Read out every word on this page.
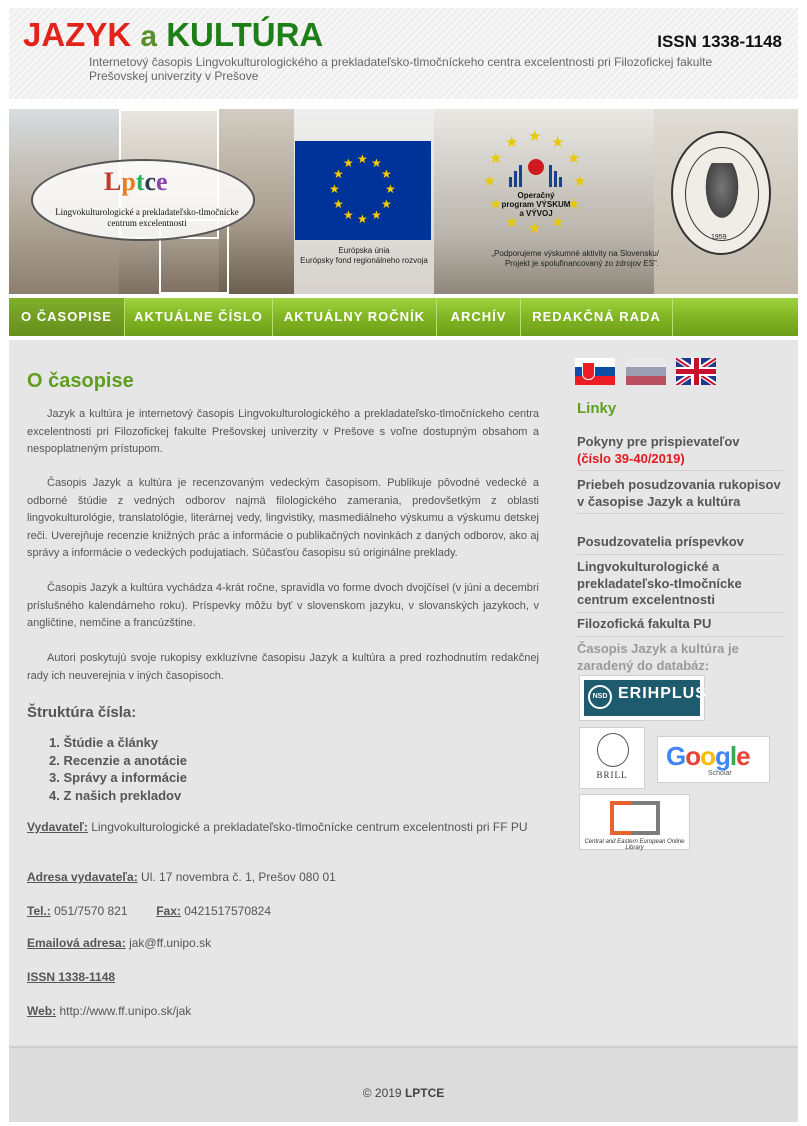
JAZYK a KULTÚRA	ISSN 1338-1148
Internetový časopis Lingvokulturologického a prekladateľsko-tlmočníckeho centra excelentnosti pri Filozofickej fakulte Prešovskej univerzity v Prešove
Lptce
Lingvokulturologické a prekladateľsko-tlmočnícke centrum excelentnosti
★ ★
★
★
★
★
★
★
★
★
★
★
Európska únia
Európsky fond regionálneho rozvoja
★ ★
★
★
★
★
★
★
★
★
★
★
Operačný program VÝSKUM a VÝVOJ
„Podporujeme výskumné aktivity na Slovensku/
Projekt je spolufinancovaný zo zdrojov ES".
1959
O ČASOPISE	AKTUÁLNE ČÍSLO	AKTUÁLNY ROČNÍK	ARCHÍV	REDAKČNÁ RADA
O časopise
Jazyk a kultúra je internetový časopis Lingvokulturologického a prekladateľsko-tlmočníckeho centra excelentnosti pri Filozofickej fakulte Prešovskej univerzity v Prešove s voľne dostupným obsahom a nespoplatneným prístupom.
Časopis Jazyk a kultúra je recenzovaným vedeckým časopisom. Publikuje pôvodné vedecké a odborné štúdie z vedných odborov najmä filologického zamerania, predovšetkým z oblasti lingvokulturológie, translatológie, literárnej vedy, lingvistiky, masmediálneho výskumu a výskumu detskej reči. Uverejňuje recenzie knižných prác a informácie o publikačných novinkách z daných odborov, ako aj správy a informácie o vedeckých podujatiach. Súčasťou časopisu sú originálne preklady.
Časopis Jazyk a kultúra vychádza 4-krát ročne, spravidla vo forme dvoch dvojčísel (v júni a decembri príslušného kalendárneho roku). Príspevky môžu byť v slovenskom jazyku, v slovanských jazykoch, v angličtine, nemčine a francúzštine.
Autori poskytujú svoje rukopisy exkluzívne časopisu Jazyk a kultúra a pred rozhodnutím redakčnej rady ich neuverejnia v iných časopisoch.
Štruktúra čísla:
1. Štúdie a články
2. Recenzie a anotácie
3. Správy a informácie
4. Z našich prekladov
Vydavateľ: Lingvokulturologické a prekladateľsko-tlmočnícke centrum excelentnosti pri FF PU
Adresa vydavateľa: Ul. 17 novembra č. 1, Prešov 080 01
Tel.: 051/7570 821 Fax: 0421517570824
Emailová adresa: jak@ff.unipo.sk
ISSN 1338-1148
Web: http://www.ff.unipo.sk/jak
Linky
Pokyny pre prispievateľov
(číslo 39-40/2019)
Priebeh posudzovania rukopisov v časopise Jazyk a kultúra
Posudzovatelia príspevkov
Lingvokulturologické a prekladateľsko-tlmočnícke centrum excelentnosti
Filozofická fakulta PU
Časopis Jazyk a kultúra je zaradený do databáz:
NSD ERIHPLUS
BRILL
Google
Scholar
Central and Eastern European Online Library
© 2019 LPTCE
